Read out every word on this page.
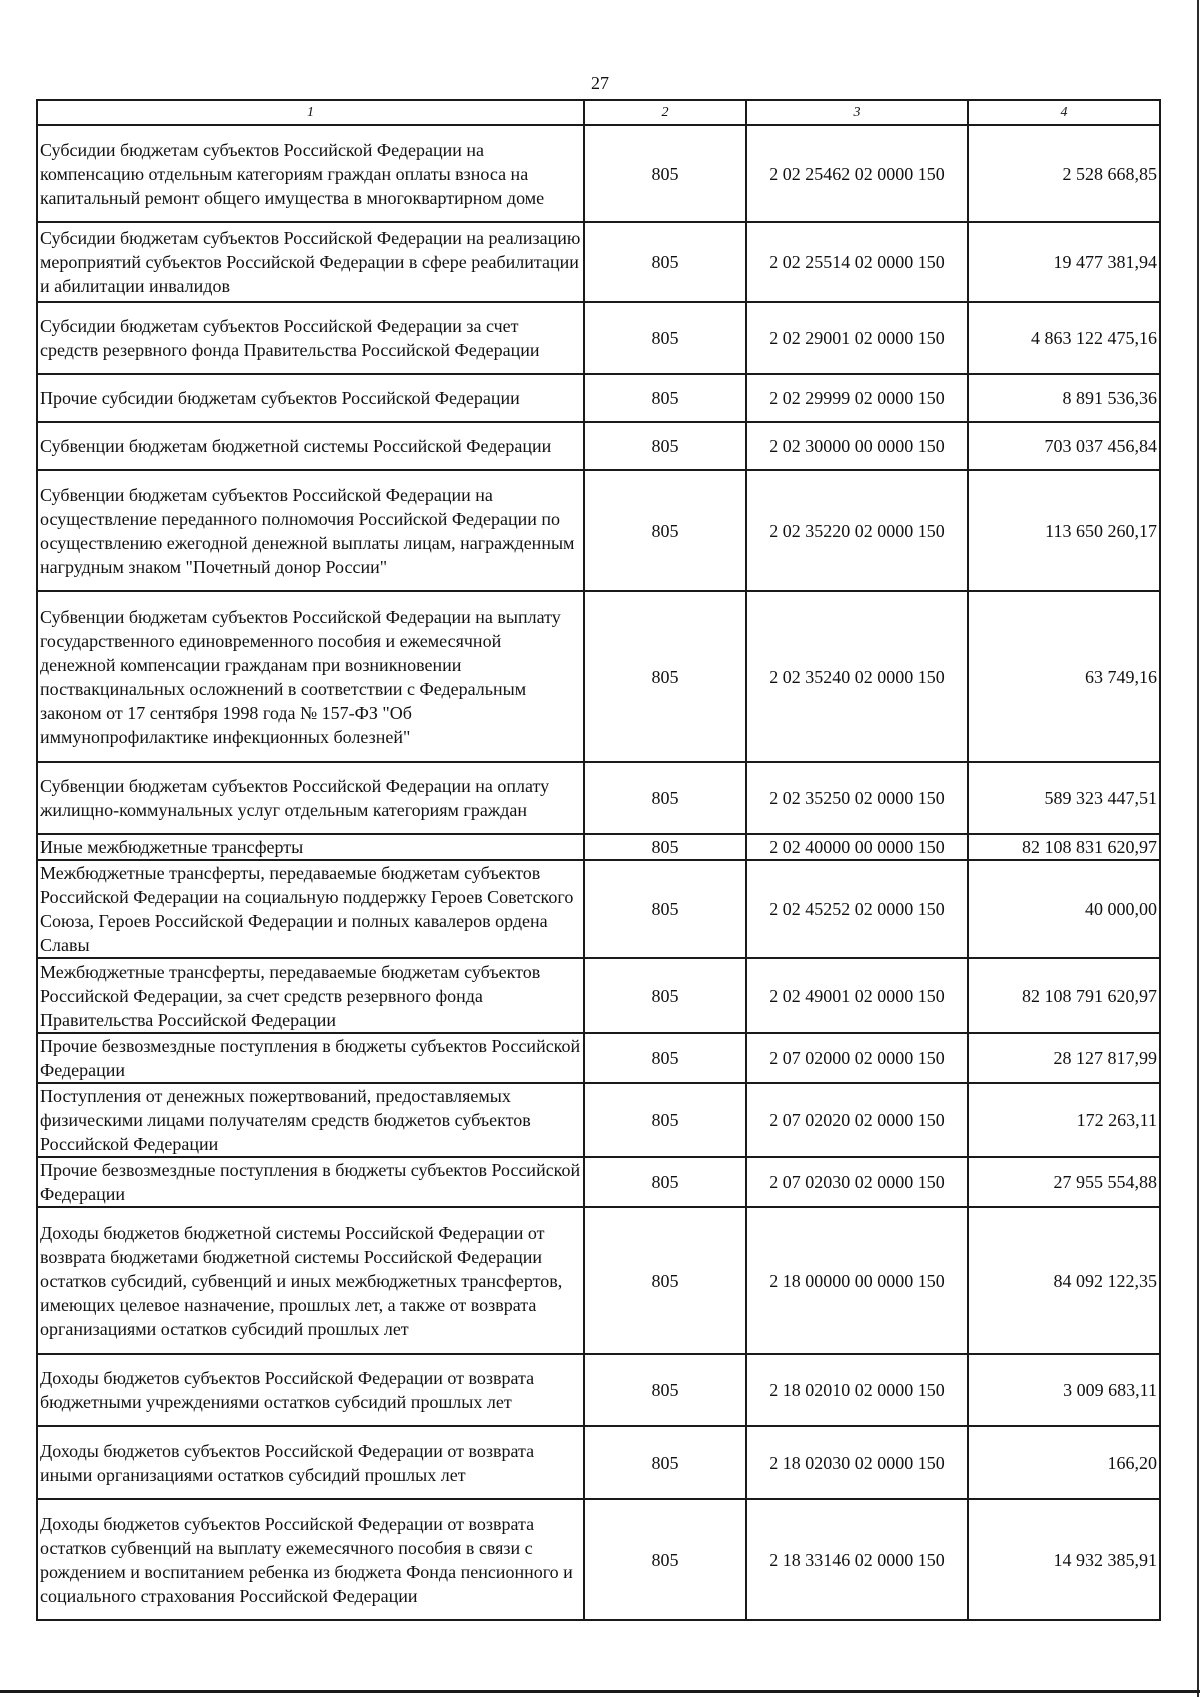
27
1	2	3	4
Субсидии бюджетам субъектов Российской Федерации на компенсацию отдельным категориям граждан оплаты взноса на капитальный ремонт общего имущества в многоквартирном доме	805	2 02 25462 02 0000 150	2 528 668,85
Субсидии бюджетам субъектов Российской Федерации на реализацию мероприятий субъектов Российской Федерации в сфере реабилитации и абилитации инвалидов	805	2 02 25514 02 0000 150	19 477 381,94
Субсидии бюджетам субъектов Российской Федерации за счет средств резервного фонда Правительства Российской Федерации	805	2 02 29001 02 0000 150	4 863 122 475,16
Прочие субсидии бюджетам субъектов Российской Федерации	805	2 02 29999 02 0000 150	8 891 536,36
Субвенции бюджетам бюджетной системы Российской Федерации	805	2 02 30000 00 0000 150	703 037 456,84
Субвенции бюджетам субъектов Российской Федерации на осуществление переданного полномочия Российской Федерации по осуществлению ежегодной денежной выплаты лицам, награжденным нагрудным знаком "Почетный донор России"	805	2 02 35220 02 0000 150	113 650 260,17
Субвенции бюджетам субъектов Российской Федерации на выплату государственного единовременного пособия и ежемесячной денежной компенсации гражданам при возникновении поствакцинальных осложнений в соответствии с Федеральным законом от 17 сентября 1998 года № 157-ФЗ "Об иммунопрофилактике инфекционных болезней"	805	2 02 35240 02 0000 150	63 749,16
Субвенции бюджетам субъектов Российской Федерации на оплату жилищно-коммунальных услуг отдельным категориям граждан	805	2 02 35250 02 0000 150	589 323 447,51
Иные межбюджетные трансферты	805	2 02 40000 00 0000 150	82 108 831 620,97
Межбюджетные трансферты, передаваемые бюджетам субъектов Российской Федерации на социальную поддержку Героев Советского Союза, Героев Российской Федерации и полных кавалеров ордена Славы	805	2 02 45252 02 0000 150	40 000,00
Межбюджетные трансферты, передаваемые бюджетам субъектов Российской Федерации, за счет средств резервного фонда Правительства Российской Федерации	805	2 02 49001 02 0000 150	82 108 791 620,97
Прочие безвозмездные поступления в бюджеты субъектов Российской Федерации	805	2 07 02000 02 0000 150	28 127 817,99
Поступления от денежных пожертвований, предоставляемых физическими лицами получателям средств бюджетов субъектов Российской Федерации	805	2 07 02020 02 0000 150	172 263,11
Прочие безвозмездные поступления в бюджеты субъектов Российской Федерации	805	2 07 02030 02 0000 150	27 955 554,88
Доходы бюджетов бюджетной системы Российской Федерации от возврата бюджетами бюджетной системы Российской Федерации остатков субсидий, субвенций и иных межбюджетных трансфертов, имеющих целевое назначение, прошлых лет, а также от возврата организациями остатков субсидий прошлых лет	805	2 18 00000 00 0000 150	84 092 122,35
Доходы бюджетов субъектов Российской Федерации от возврата бюджетными учреждениями остатков субсидий прошлых лет	805	2 18 02010 02 0000 150	3 009 683,11
Доходы бюджетов субъектов Российской Федерации от возврата иными организациями остатков субсидий прошлых лет	805	2 18 02030 02 0000 150	166,20
Доходы бюджетов субъектов Российской Федерации от возврата остатков субвенций на выплату ежемесячного пособия в связи с рождением и воспитанием ребенка из бюджета Фонда пенсионного и социального страхования Российской Федерации	805	2 18 33146 02 0000 150	14 932 385,91
